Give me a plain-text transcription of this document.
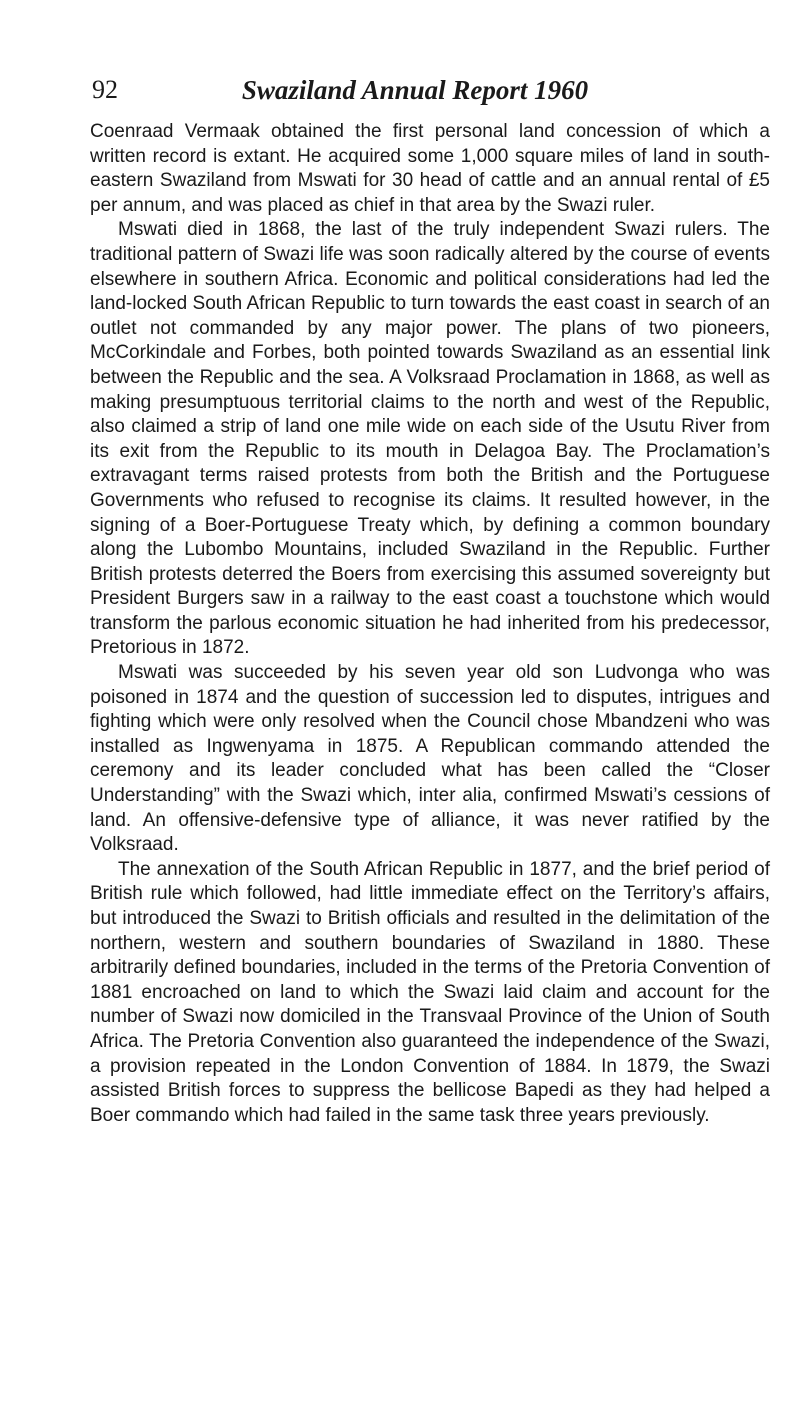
92	Swaziland Annual Report 1960

Coenraad Vermaak obtained the first personal land concession of which a written record is extant. He acquired some 1,000 square miles of land in south-eastern Swaziland from Mswati for 30 head of cattle and an annual rental of £5 per annum, and was placed as chief in that area by the Swazi ruler.

Mswati died in 1868, the last of the truly independent Swazi rulers. The traditional pattern of Swazi life was soon radically altered by the course of events elsewhere in southern Africa. Economic and political considerations had led the land-locked South African Republic to turn towards the east coast in search of an outlet not commanded by any major power. The plans of two pioneers, McCorkindale and Forbes, both pointed towards Swaziland as an essential link between the Republic and the sea. A Volksraad Proclamation in 1868, as well as making presumptuous territorial claims to the north and west of the Republic, also claimed a strip of land one mile wide on each side of the Usutu River from its exit from the Republic to its mouth in Delagoa Bay. The Proclamation’s extravagant terms raised protests from both the British and the Portuguese Governments who refused to recognise its claims. It resulted however, in the signing of a Boer-Portuguese Treaty which, by defining a common boundary along the Lubombo Mountains, included Swaziland in the Republic. Further British protests deterred the Boers from exercising this assumed sovereignty but President Burgers saw in a railway to the east coast a touchstone which would transform the parlous economic situation he had inherited from his predecessor, Pretorious in 1872.

Mswati was succeeded by his seven year old son Ludvonga who was poisoned in 1874 and the question of succession led to disputes, intrigues and fighting which were only resolved when the Council chose Mbandzeni who was installed as Ingwenyama in 1875. A Republican commando attended the ceremony and its leader concluded what has been called the “Closer Understanding” with the Swazi which, inter alia, confirmed Mswati’s cessions of land. An offensive-defensive type of alliance, it was never ratified by the Volksraad.

The annexation of the South African Republic in 1877, and the brief period of British rule which followed, had little immediate effect on the Territory’s affairs, but introduced the Swazi to British officials and resulted in the delimitation of the northern, western and southern boundaries of Swaziland in 1880. These arbitrarily defined boundaries, included in the terms of the Pretoria Convention of 1881 encroached on land to which the Swazi laid claim and account for the number of Swazi now domiciled in the Transvaal Province of the Union of South Africa. The Pretoria Convention also guaranteed the independence of the Swazi, a provision repeated in the London Convention of 1884. In 1879, the Swazi assisted British forces to suppress the bellicose Bapedi as they had helped a Boer commando which had failed in the same task three years previously.
